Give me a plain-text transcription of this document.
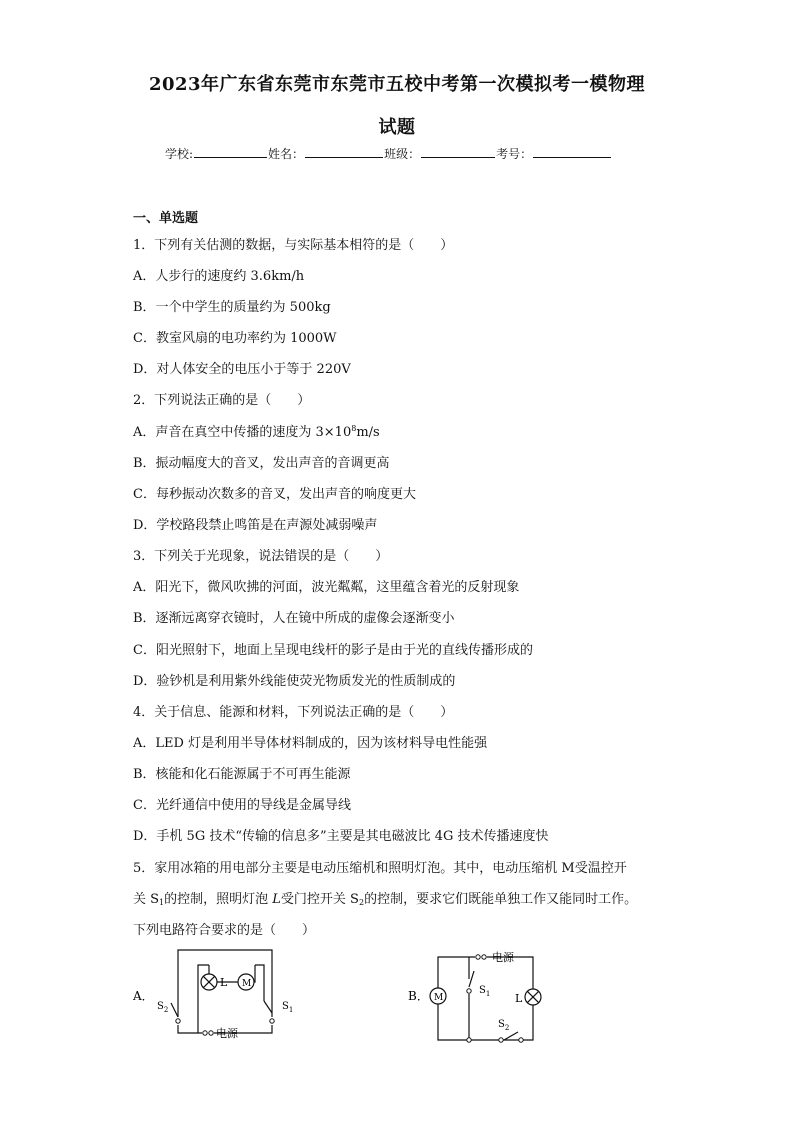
2023年广东省东莞市东莞市五校中考第一次模拟考一模物理
试题
学校:	姓名：	班级：	考号：
一、单选题
1．下列有关估测的数据，与实际基本相符的是（　　）
A．人步行的速度约 3.6km/h
B．一个中学生的质量约为 500kg
C．教室风扇的电功率约为 1000W
D．对人体安全的电压小于等于 220V
2．下列说法正确的是（　　）
A．声音在真空中传播的速度为 $3\times 10^8m/s$
B．振动幅度大的音叉，发出声音的音调更高
C．每秒振动次数多的音叉，发出声音的响度更大
D．学校路段禁止鸣笛是在声源处减弱噪声
3．下列关于光现象，说法错误的是（　　）
A．阳光下，微风吹拂的河面，波光粼粼，这里蕴含着光的反射现象
B．逐渐远离穿衣镜时，人在镜中所成的虚像会逐渐变小
C．阳光照射下，地面上呈现电线杆的影子是由于光的直线传播形成的
D．验钞机是利用紫外线能使荧光物质发光的性质制成的
4．关于信息、能源和材料，下列说法正确的是（　　）
A．LED 灯是利用半导体材料制成的，因为该材料导电性能强
B．核能和化石能源属于不可再生能源
C．光纤通信中使用的导线是金属导线
D．手机 5G 技术“传输的信息多”主要是其电磁波比 4G 技术传播速度快
5．家用冰箱的用电部分主要是电动压缩机和照明灯泡。其中，电动压缩机 M受温控开
关 $S_1$的控制，照明灯泡 L受门控开关 $S_2$的控制，要求它们既能单独工作又能同时工作。
下列电路符合要求的是（　　）
A．
L M
$S_2$	$S_1$
电源
B． M	L
$S_1$
$S_2$
电源
